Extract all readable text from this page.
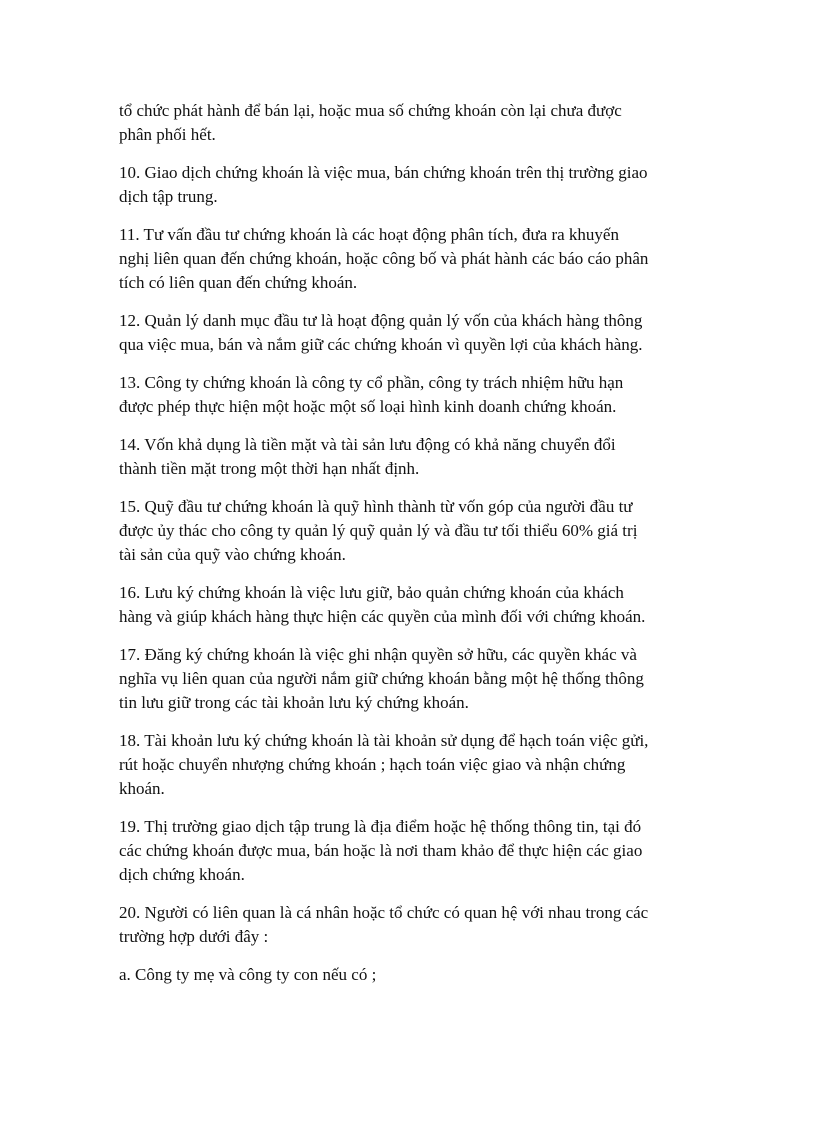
tổ chức phát hành để bán lại, hoặc mua số chứng khoán còn lại chưa được
phân phối hết.

10. Giao dịch chứng khoán là việc mua, bán chứng khoán trên thị trường giao
dịch tập trung.

11. Tư vấn đầu tư chứng khoán là các hoạt động phân tích, đưa ra khuyến
nghị liên quan đến chứng khoán, hoặc công bố và phát hành các báo cáo phân
tích có liên quan đến chứng khoán.

12. Quản lý danh mục đầu tư là hoạt động quản lý vốn của khách hàng thông
qua việc mua, bán và nắm giữ các chứng khoán vì quyền lợi của khách hàng.

13. Công ty chứng khoán là công ty cổ phần, công ty trách nhiệm hữu hạn
được phép thực hiện một hoặc một số loại hình kinh doanh chứng khoán.

14. Vốn khả dụng là tiền mặt và tài sản lưu động có khả năng chuyển đổi
thành tiền mặt trong một thời hạn nhất định.

15. Quỹ đầu tư chứng khoán là quỹ hình thành từ vốn góp của người đầu tư
được ủy thác cho công ty quản lý quỹ quản lý và đầu tư tối thiểu 60% giá trị
tài sản của quỹ vào chứng khoán.

16. Lưu ký chứng khoán là việc lưu giữ, bảo quản chứng khoán của khách
hàng và giúp khách hàng thực hiện các quyền của mình đối với chứng khoán.

17. Đăng ký chứng khoán là việc ghi nhận quyền sở hữu, các quyền khác và
nghĩa vụ liên quan của người nắm giữ chứng khoán bằng một hệ thống thông
tin lưu giữ trong các tài khoản lưu ký chứng khoán.

18. Tài khoản lưu ký chứng khoán là tài khoản sử dụng để hạch toán việc gửi,
rút hoặc chuyển nhượng chứng khoán ; hạch toán việc giao và nhận chứng
khoán.

19. Thị trường giao dịch tập trung là địa điểm hoặc hệ thống thông tin, tại đó
các chứng khoán được mua, bán hoặc là nơi tham khảo để thực hiện các giao
dịch chứng khoán.

20. Người có liên quan là cá nhân hoặc tổ chức có quan hệ với nhau trong các
trường hợp dưới đây :

a. Công ty mẹ và công ty con nếu có ;
